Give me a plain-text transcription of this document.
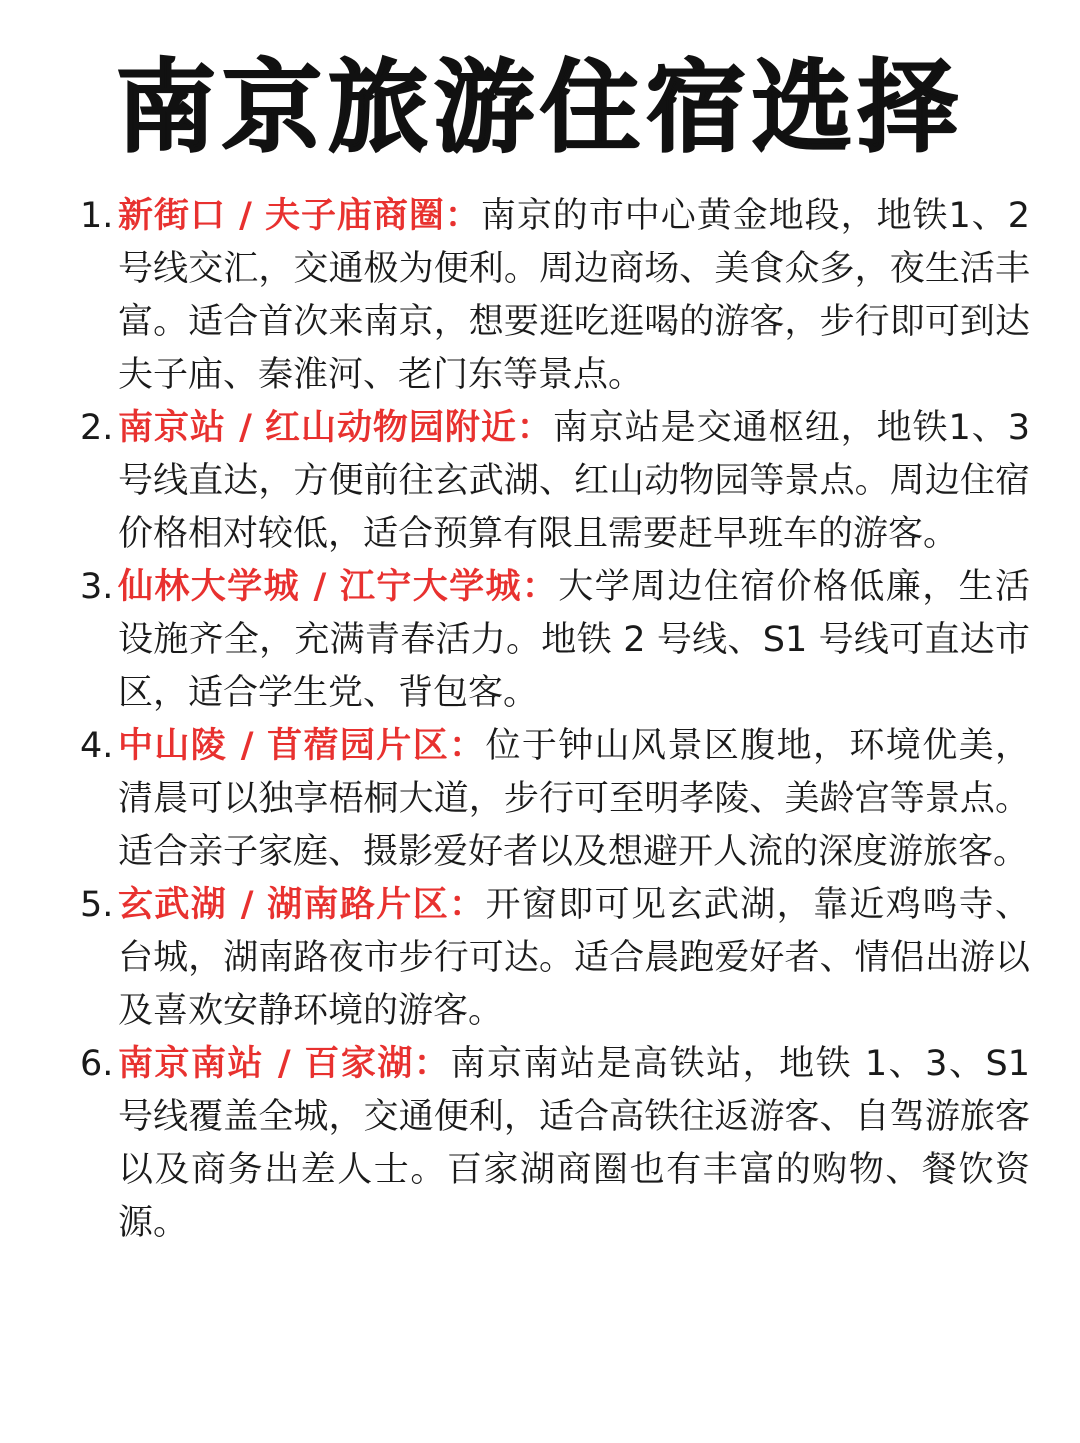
南京旅游住宿选择
1. 新街口 / 夫子庙商圈：南京的市中心黄金地段，地铁1、2 号线交汇，交通极为便利。周边商场、美食众多，夜生活丰富。适合首次来南京，想要逛吃逛喝的游客，步行即可到达夫子庙、秦淮河、老门东等景点。
2. 南京站 / 红山动物园附近：南京站是交通枢纽，地铁1、3 号线直达，方便前往玄武湖、红山动物园等景点。周边住宿价格相对较低，适合预算有限且需要赶早班车的游客。
3. 仙林大学城 / 江宁大学城：大学周边住宿价格低廉，生活设施齐全，充满青春活力。地铁 2 号线、S1 号线可直达市区，适合学生党、背包客。
4. 中山陵 / 苜蓿园片区：位于钟山风景区腹地，环境优美，清晨可以独享梧桐大道，步行可至明孝陵、美龄宫等景点。适合亲子家庭、摄影爱好者以及想避开人流的深度游旅客。
5. 玄武湖 / 湖南路片区：开窗即可见玄武湖，靠近鸡鸣寺、台城，湖南路夜市步行可达。适合晨跑爱好者、情侣出游以及喜欢安静环境的游客。
6. 南京南站 / 百家湖：南京南站是高铁站，地铁 1、3、S1 号线覆盖全城，交通便利，适合高铁往返游客、自驾游旅客以及商务出差人士。百家湖商圈也有丰富的购物、餐饮资源。
